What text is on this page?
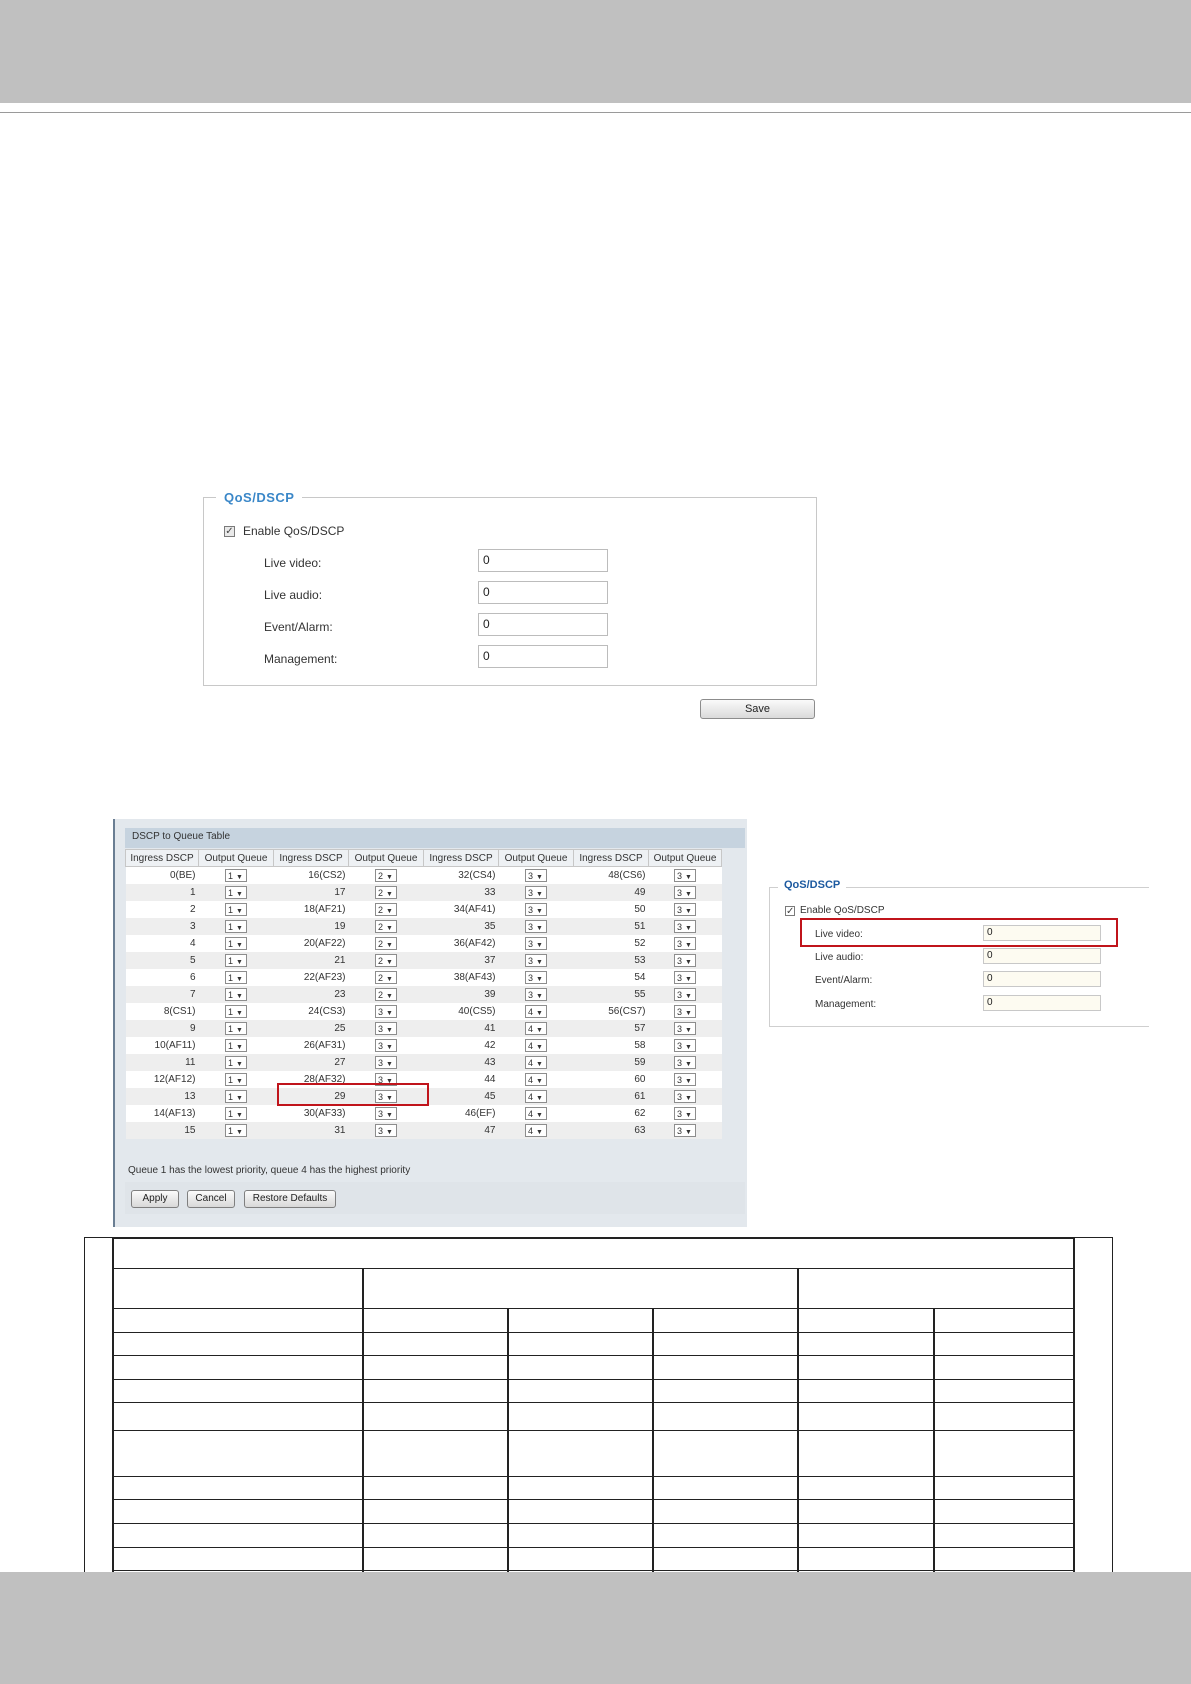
QoS/DSCP
✓ Enable QoS/DSCP
Live video:	0
Live audio:	0
Event/Alarm:	0
Management:	0
Save
DSCP to Queue Table
Ingress DSCP	Output Queue	Ingress DSCP	Output Queue	Ingress DSCP	Output Queue	Ingress DSCP	Output Queue
0(BE)	1 ▼	16(CS2)	2 ▼	32(CS4)	3 ▼	48(CS6)	3 ▼
1	1 ▼	17	2 ▼	33	3 ▼	49	3 ▼
2	1 ▼	18(AF21)	2 ▼	34(AF41)	3 ▼	50	3 ▼
3	1 ▼	19	2 ▼	35	3 ▼	51	3 ▼
4	1 ▼	20(AF22)	2 ▼	36(AF42)	3 ▼	52	3 ▼
5	1 ▼	21	2 ▼	37	3 ▼	53	3 ▼
6	1 ▼	22(AF23)	2 ▼	38(AF43)	3 ▼	54	3 ▼
7	1 ▼	23	2 ▼	39	3 ▼	55	3 ▼
8(CS1)	1 ▼	24(CS3)	3 ▼	40(CS5)	4 ▼	56(CS7)	3 ▼
9	1 ▼	25	3 ▼	41	4 ▼	57	3 ▼
10(AF11)	1 ▼	26(AF31)	3 ▼	42	4 ▼	58	3 ▼
11	1 ▼	27	3 ▼	43	4 ▼	59	3 ▼
12(AF12)	1 ▼	28(AF32)	3 ▼	44	4 ▼	60	3 ▼
13	1 ▼	29	3 ▼	45	4 ▼	61	3 ▼
14(AF13)	1 ▼	30(AF33)	3 ▼	46(EF)	4 ▼	62	3 ▼
15	1 ▼	31	3 ▼	47	4 ▼	63	3 ▼
Queue 1 has the lowest priority, queue 4 has the highest priority
Apply	Cancel	Restore Defaults
QoS/DSCP
✓ Enable QoS/DSCP
Live video:	0
Live audio:	0
Event/Alarm:	0
Management:	0
